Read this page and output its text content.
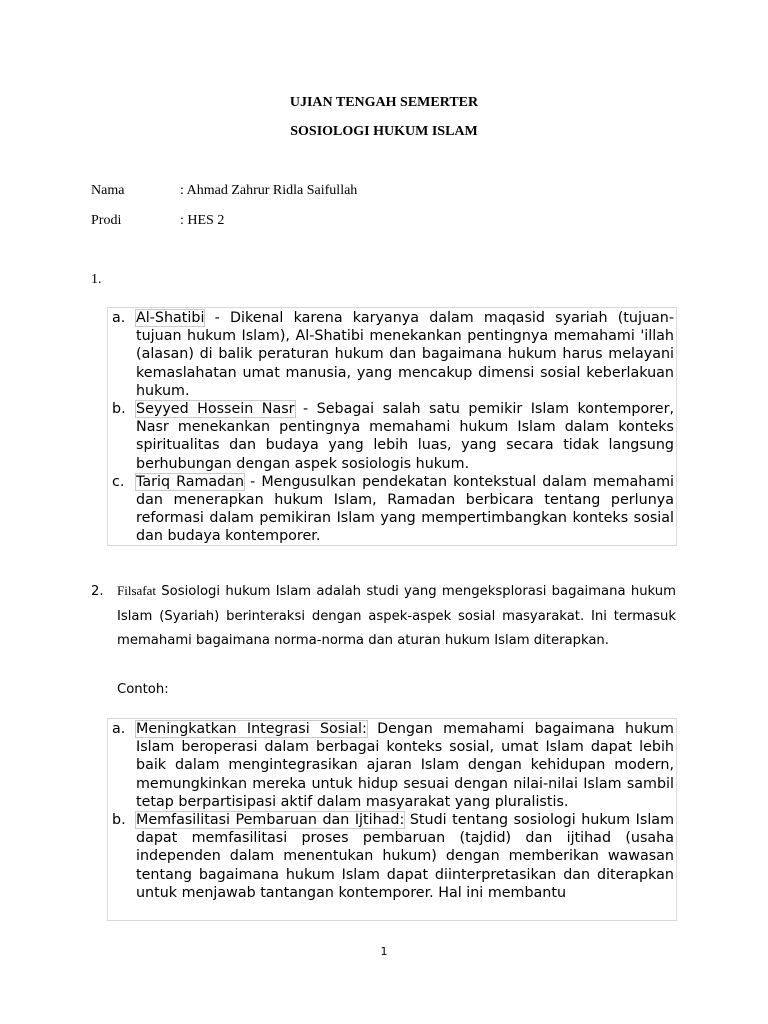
UJIAN TENGAH SEMERTER
SOSIOLOGI HUKUM ISLAM
Nama	: Ahmad Zahrur Ridla Saifullah
Prodi	: HES 2
1.
a. Al-Shatibi - Dikenal karena karyanya dalam maqasid syariah (tujuan-tujuan hukum Islam), Al-Shatibi menekankan pentingnya memahami 'illah (alasan) di balik peraturan hukum dan bagaimana hukum harus melayani kemaslahatan umat manusia, yang mencakup dimensi sosial keberlakuan hukum.
b. Seyyed Hossein Nasr - Sebagai salah satu pemikir Islam kontemporer, Nasr menekankan pentingnya memahami hukum Islam dalam konteks spiritualitas dan budaya yang lebih luas, yang secara tidak langsung berhubungan dengan aspek sosiologis hukum.
c. Tariq Ramadan - Mengusulkan pendekatan kontekstual dalam memahami dan menerapkan hukum Islam, Ramadan berbicara tentang perlunya reformasi dalam pemikiran Islam yang mempertimbangkan konteks sosial dan budaya kontemporer.
2. Filsafat Sosiologi hukum Islam adalah studi yang mengeksplorasi bagaimana hukum Islam (Syariah) berinteraksi dengan aspek-aspek sosial masyarakat. Ini termasuk memahami bagaimana norma-norma dan aturan hukum Islam diterapkan.
Contoh:
a. Meningkatkan Integrasi Sosial: Dengan memahami bagaimana hukum Islam beroperasi dalam berbagai konteks sosial, umat Islam dapat lebih baik dalam mengintegrasikan ajaran Islam dengan kehidupan modern, memungkinkan mereka untuk hidup sesuai dengan nilai-nilai Islam sambil tetap berpartisipasi aktif dalam masyarakat yang pluralistis.
b. Memfasilitasi Pembaruan dan Ijtihad: Studi tentang sosiologi hukum Islam dapat memfasilitasi proses pembaruan (tajdid) dan ijtihad (usaha independen dalam menentukan hukum) dengan memberikan wawasan tentang bagaimana hukum Islam dapat diinterpretasikan dan diterapkan untuk menjawab tantangan kontemporer. Hal ini membantu
1
